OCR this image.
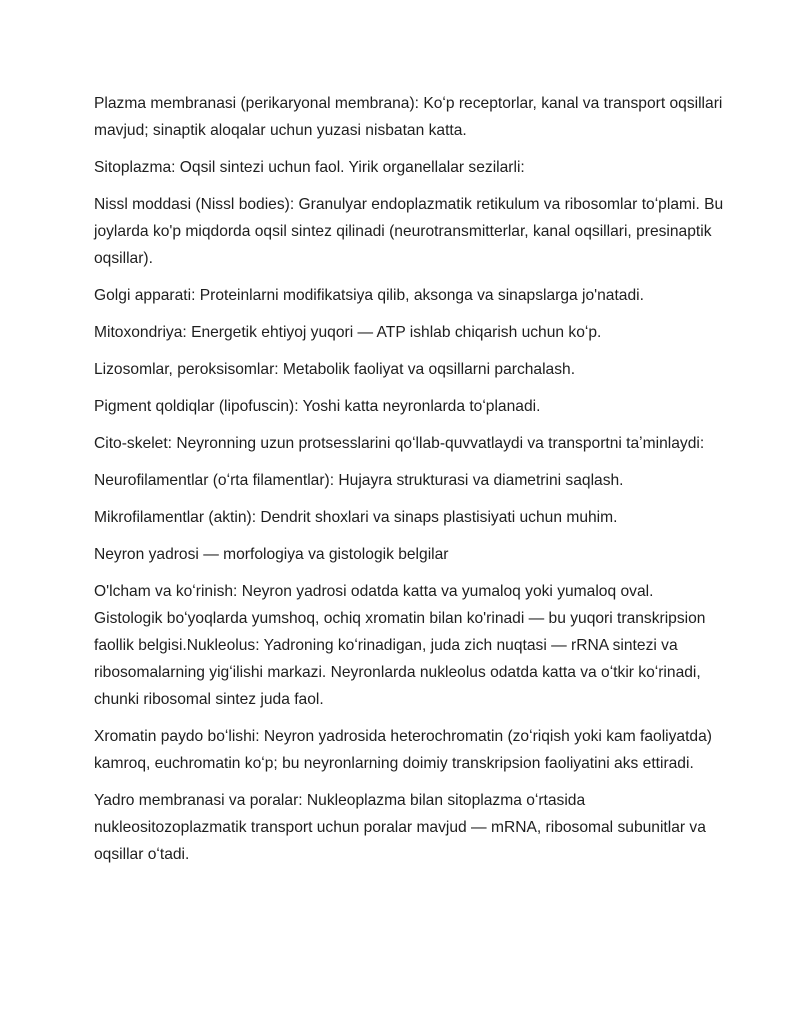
Plazma membranasi (perikaryonal membrana): Koʻp receptorlar, kanal va transport oqsillari mavjud; sinaptik aloqalar uchun yuzasi nisbatan katta.

Sitoplazma: Oqsil sintezi uchun faol. Yirik organellalar sezilarli:

Nissl moddasi (Nissl bodies): Granulyar endoplazmatik retikulum va ribosomlar toʻplami. Bu joylarda ko'p miqdorda oqsil sintez qilinadi (neurotransmitterlar, kanal oqsillari, presinaptik oqsillar).

Golgi apparati: Proteinlarni modifikatsiya qilib, aksonga va sinapslarga jo'natadi.

Mitoxondriya: Energetik ehtiyoj yuqori — ATP ishlab chiqarish uchun koʻp.

Lizosomlar, peroksisomlar: Metabolik faoliyat va oqsillarni parchalash.

Pigment qoldiqlar (lipofuscin): Yoshi katta neyronlarda toʻplanadi.

Cito-skelet: Neyronning uzun protsesslarini qoʻllab-quvvatlaydi va transportni taʼminlaydi:

Neurofilamentlar (oʻrta filamentlar): Hujayra strukturasi va diametrini saqlash.

Mikrofilamentlar (aktin): Dendrit shoxlari va sinaps plastisiyati uchun muhim.

Neyron yadrosi — morfologiya va gistologik belgilar

O'lcham va koʻrinish: Neyron yadrosi odatda katta va yumaloq yoki yumaloq oval. Gistologik boʻyoqlarda yumshoq, ochiq xromatin bilan ko'rinadi — bu yuqori transkripsion faollik belgisi.Nukleolus: Yadroning koʻrinadigan, juda zich nuqtasi — rRNA sintezi va ribosomalarning yigʻilishi markazi. Neyronlarda nukleolus odatda katta va oʻtkir koʻrinadi, chunki ribosomal sintez juda faol.

Xromatin paydo boʻlishi: Neyron yadrosida heterochromatin (zoʻriqish yoki kam faoliyatda) kamroq, euchromatin koʻp; bu neyronlarning doimiy transkripsion faoliyatini aks ettiradi.

Yadro membranasi va poralar: Nukleoplazma bilan sitoplazma oʻrtasida nukleositozoplazmatik transport uchun poralar mavjud — mRNA, ribosomal subunitlar va oqsillar oʻtadi.
